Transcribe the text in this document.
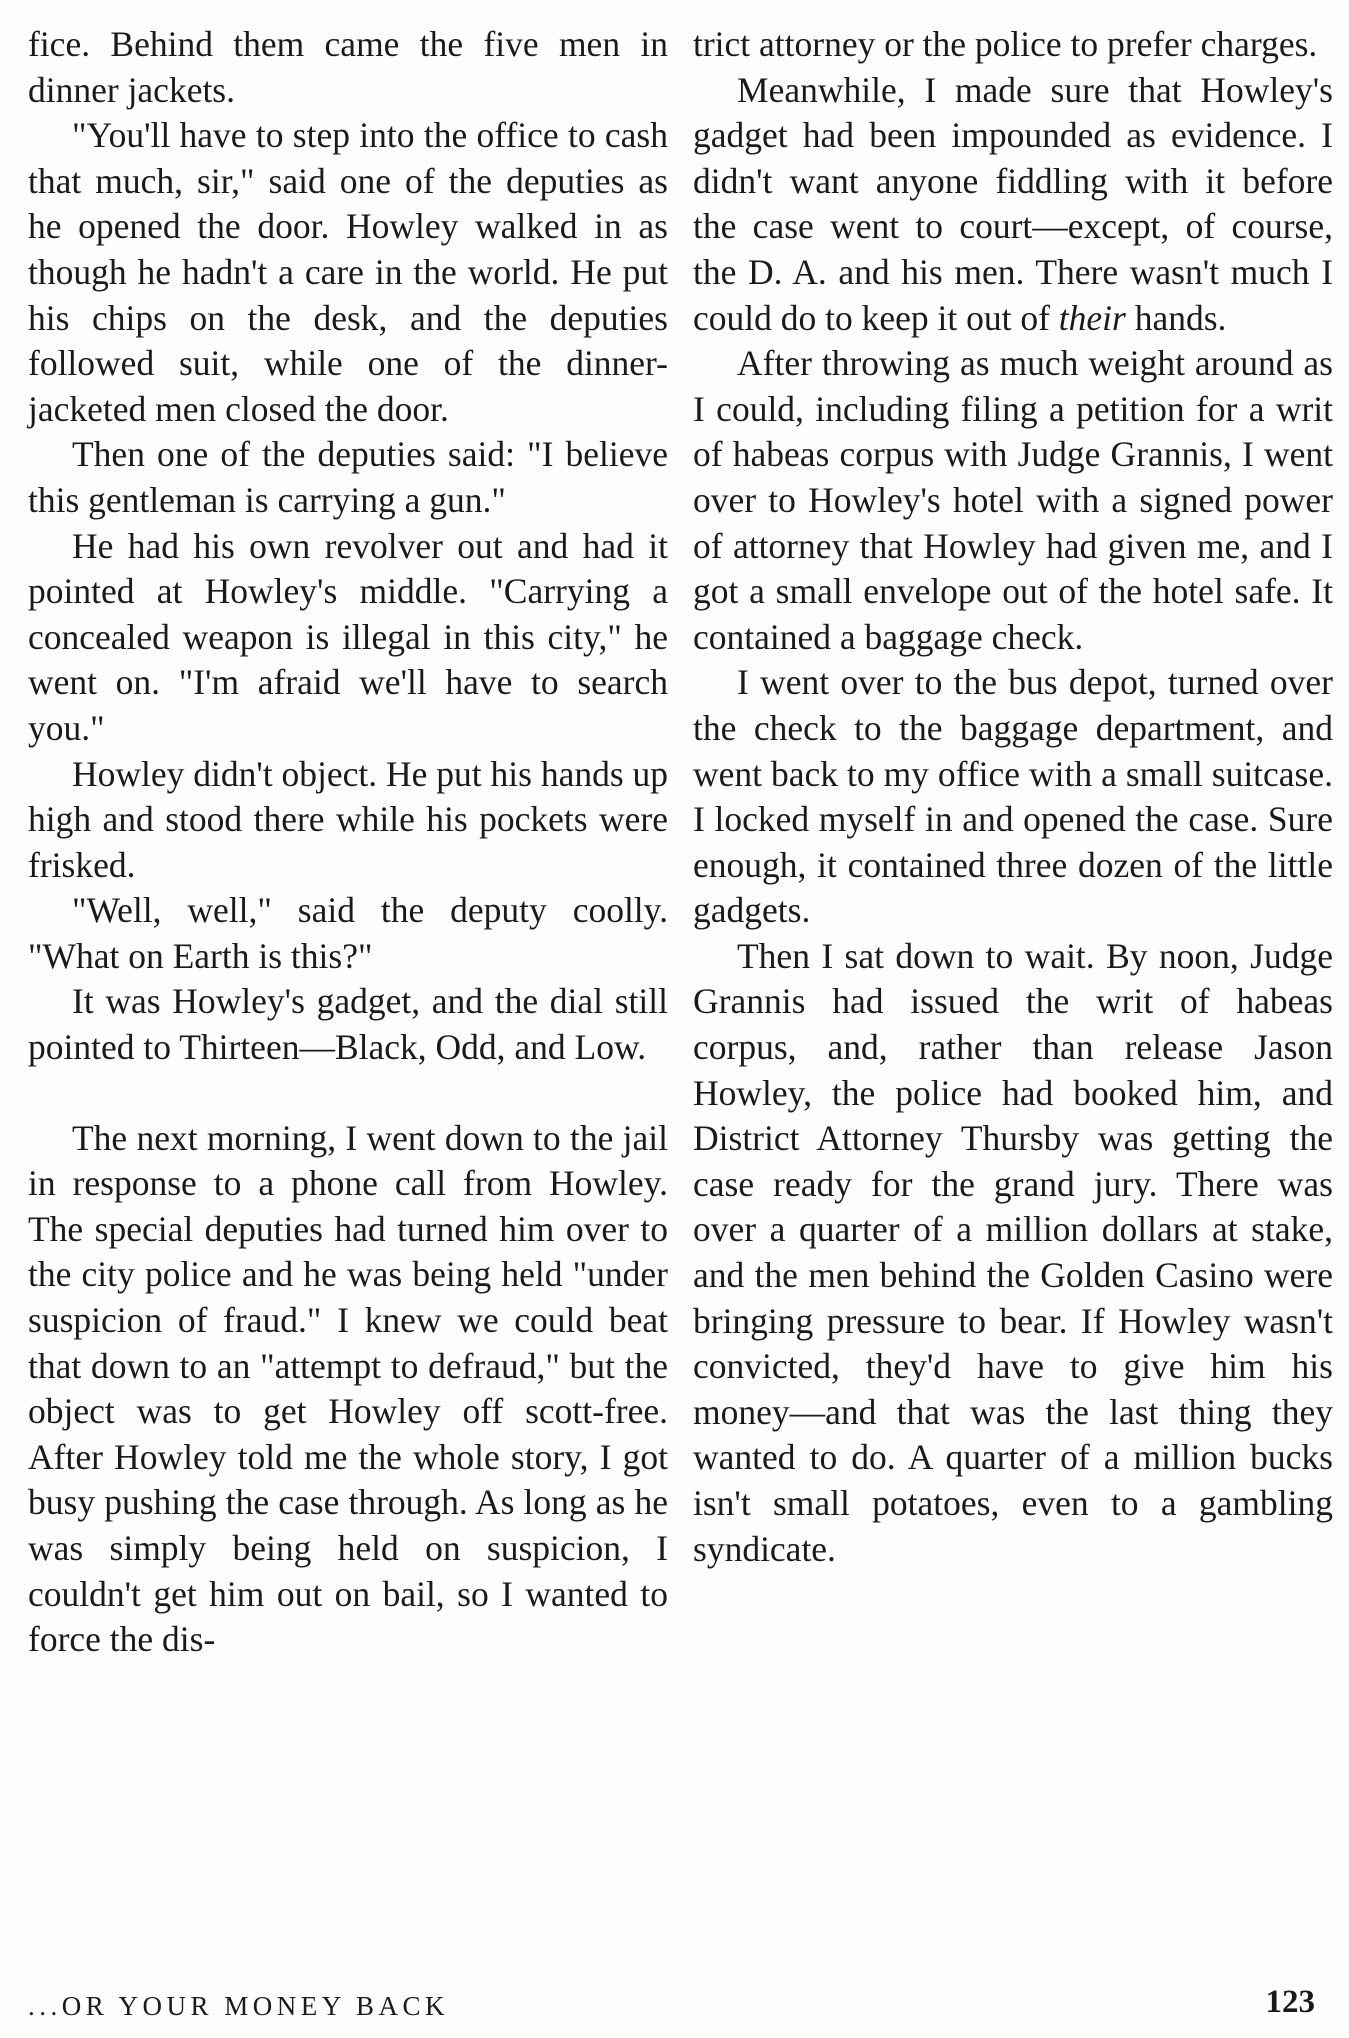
fice. Behind them came the five men in dinner jackets.

"You'll have to step into the office to cash that much, sir," said one of the deputies as he opened the door. Howley walked in as though he hadn't a care in the world. He put his chips on the desk, and the deputies followed suit, while one of the dinner-jacketed men closed the door.

Then one of the deputies said: "I believe this gentleman is carrying a gun."

He had his own revolver out and had it pointed at Howley's middle. "Carrying a concealed weapon is illegal in this city," he went on. "I'm afraid we'll have to search you."

Howley didn't object. He put his hands up high and stood there while his pockets were frisked.

"Well, well," said the deputy coolly. "What on Earth is this?"

It was Howley's gadget, and the dial still pointed to Thirteen—Black, Odd, and Low.

The next morning, I went down to the jail in response to a phone call from Howley. The special deputies had turned him over to the city police and he was being held "under suspicion of fraud." I knew we could beat that down to an "attempt to defraud," but the object was to get Howley off scott-free. After Howley told me the whole story, I got busy pushing the case through. As long as he was simply being held on suspicion, I couldn't get him out on bail, so I wanted to force the dis-

trict attorney or the police to prefer charges.

Meanwhile, I made sure that Howley's gadget had been impounded as evidence. I didn't want anyone fiddling with it before the case went to court—except, of course, the D. A. and his men. There wasn't much I could do to keep it out of their hands.

After throwing as much weight around as I could, including filing a petition for a writ of habeas corpus with Judge Grannis, I went over to Howley's hotel with a signed power of attorney that Howley had given me, and I got a small envelope out of the hotel safe. It contained a baggage check.

I went over to the bus depot, turned over the check to the baggage department, and went back to my office with a small suitcase. I locked myself in and opened the case. Sure enough, it contained three dozen of the little gadgets.

Then I sat down to wait. By noon, Judge Grannis had issued the writ of habeas corpus, and, rather than release Jason Howley, the police had booked him, and District Attorney Thursby was getting the case ready for the grand jury. There was over a quarter of a million dollars at stake, and the men behind the Golden Casino were bringing pressure to bear. If Howley wasn't convicted, they'd have to give him his money—and that was the last thing they wanted to do. A quarter of a million bucks isn't small potatoes, even to a gambling syndicate.

...OR YOUR MONEY BACK	123
